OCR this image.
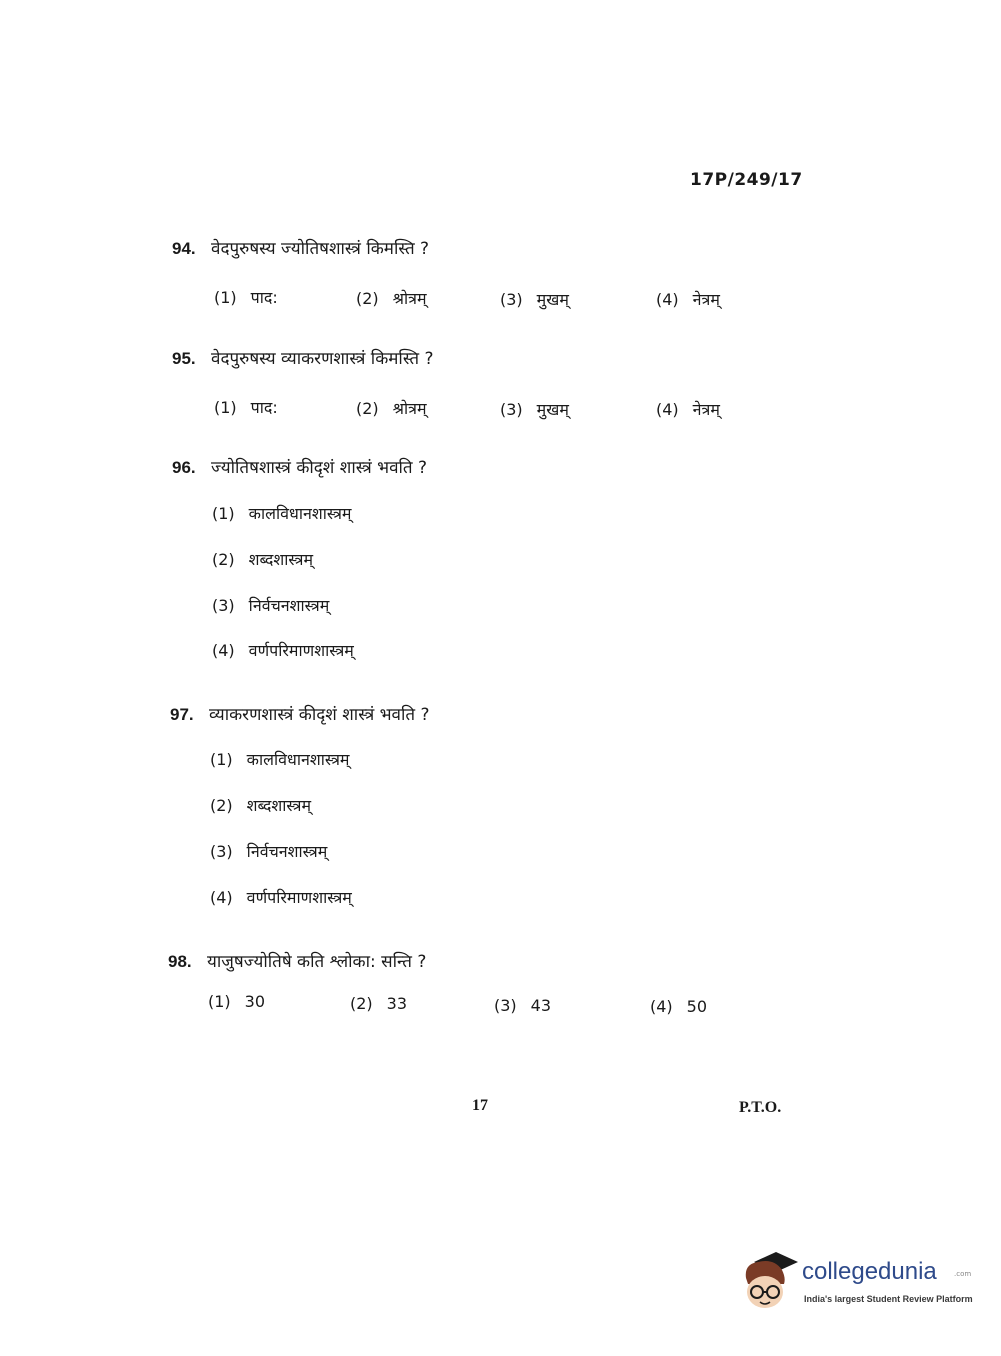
17P/249/17
94. वेदपुरुषस्य ज्योतिषशास्त्रं किमस्ति ?
(1) पाद:	(2) श्रोत्रम्	(3) मुखम्	(4) नेत्रम्
95. वेदपुरुषस्य व्याकरणशास्त्रं किमस्ति ?
(1) पाद:	(2) श्रोत्रम्	(3) मुखम्	(4) नेत्रम्
96. ज्योतिषशास्त्रं कीदृशं शास्त्रं भवति ?
(1) कालविधानशास्त्रम्
(2) शब्दशास्त्रम्
(3) निर्वचनशास्त्रम्
(4) वर्णपरिमाणशास्त्रम्
97. व्याकरणशास्त्रं कीदृशं शास्त्रं भवति ?
(1) कालविधानशास्त्रम्
(2) शब्दशास्त्रम्
(3) निर्वचनशास्त्रम्
(4) वर्णपरिमाणशास्त्रम्
98. याजुषज्योतिषे कति श्लोका: सन्ति ?
(1) 30	(2) 33	(3) 43	(4) 50
17	P.T.O.
collegedunia .com
India's largest Student Review Platform
